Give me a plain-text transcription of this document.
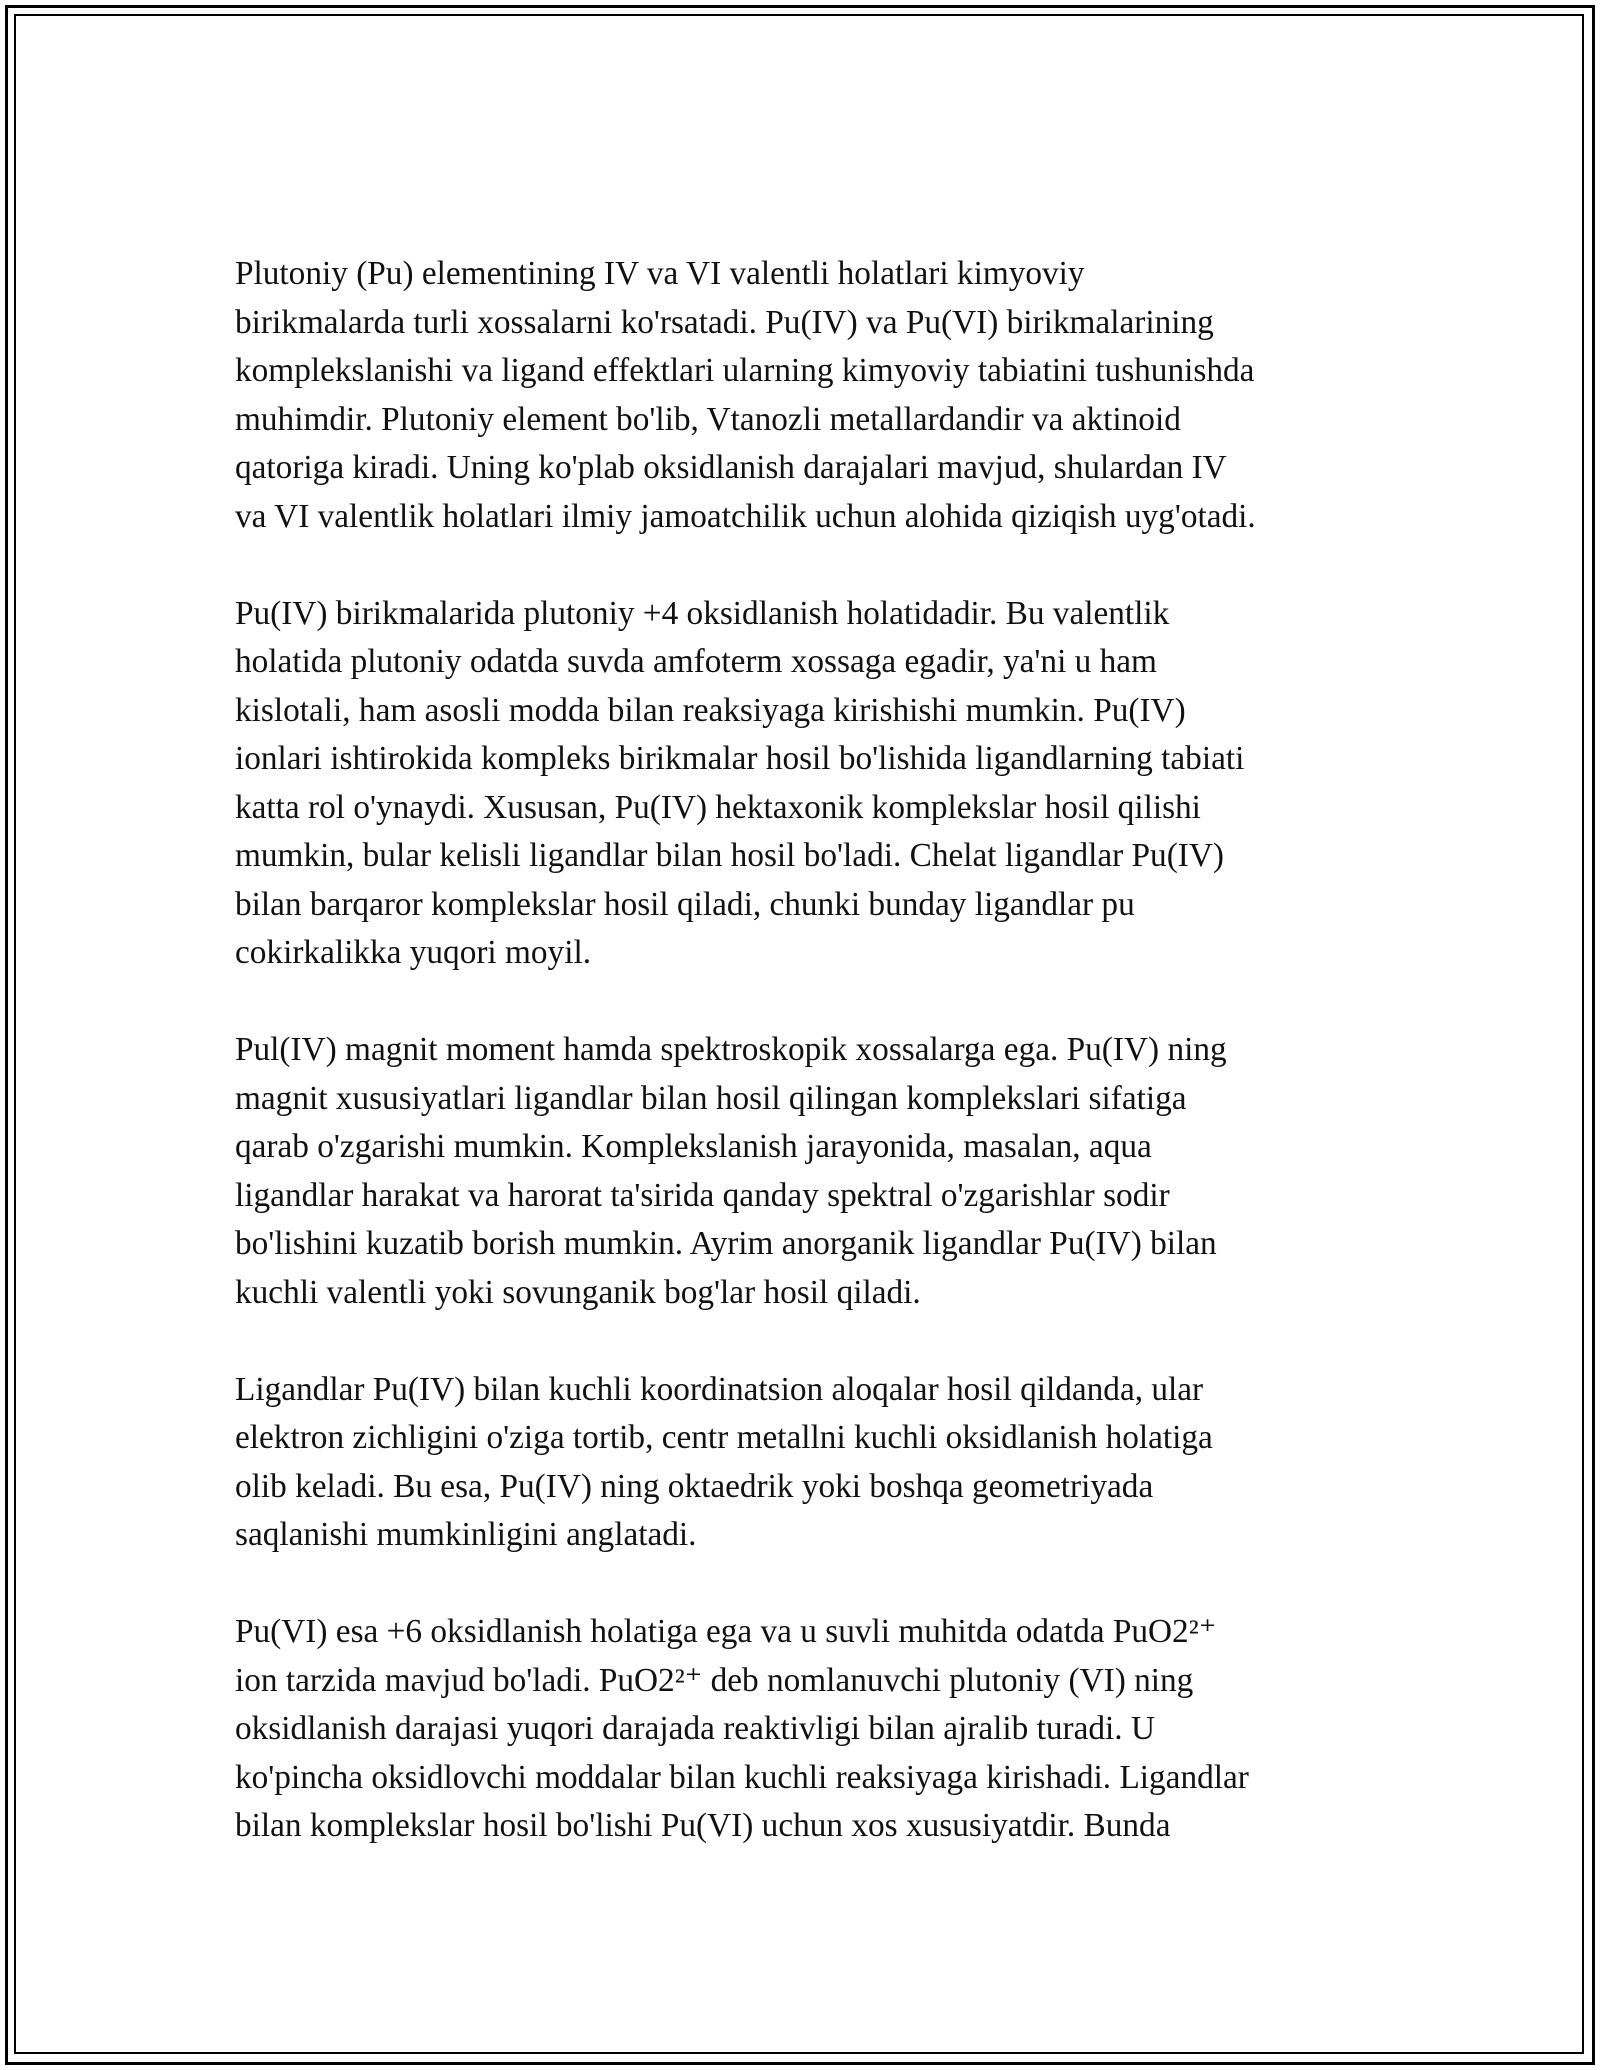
Plutoniy (Pu) elementining IV va VI valentli holatlari kimyoviy
birikmalarda turli xossalarni ko'rsatadi. Pu(IV) va Pu(VI) birikmalarining
komplekslanishi va ligand effektlari ularning kimyoviy tabiatini tushunishda
muhimdir. Plutoniy element bo'lib, Vtanozli metallardandir va aktinoid
qatoriga kiradi. Uning ko'plab oksidlanish darajalari mavjud, shulardan IV
va VI valentlik holatlari ilmiy jamoatchilik uchun alohida qiziqish uyg'otadi.

Pu(IV) birikmalarida plutoniy +4 oksidlanish holatidadir. Bu valentlik
holatida plutoniy odatda suvda amfoterm xossaga egadir, ya'ni u ham
kislotali, ham asosli modda bilan reaksiyaga kirishishi mumkin. Pu(IV)
ionlari ishtirokida kompleks birikmalar hosil bo'lishida ligandlarning tabiati
katta rol o'ynaydi. Xususan, Pu(IV) hektaxonik komplekslar hosil qilishi
mumkin, bular kelisli ligandlar bilan hosil bo'ladi. Chelat ligandlar Pu(IV)
bilan barqaror komplekslar hosil qiladi, chunki bunday ligandlar pu
cokirkalikka yuqori moyil.

Pul(IV) magnit moment hamda spektroskopik xossalarga ega. Pu(IV) ning
magnit xususiyatlari ligandlar bilan hosil qilingan komplekslari sifatiga
qarab o'zgarishi mumkin. Komplekslanish jarayonida, masalan, aqua
ligandlar harakat va harorat ta'sirida qanday spektral o'zgarishlar sodir
bo'lishini kuzatib borish mumkin. Ayrim anorganik ligandlar Pu(IV) bilan
kuchli valentli yoki sovunganik bog'lar hosil qiladi.

Ligandlar Pu(IV) bilan kuchli koordinatsion aloqalar hosil qildanda, ular
elektron zichligini o'ziga tortib, centr metallni kuchli oksidlanish holatiga
olib keladi. Bu esa, Pu(IV) ning oktaedrik yoki boshqa geometriyada
saqlanishi mumkinligini anglatadi.

Pu(VI) esa +6 oksidlanish holatiga ega va u suvli muhitda odatda PuO2²⁺
ion tarzida mavjud bo'ladi. PuO2²⁺ deb nomlanuvchi plutoniy (VI) ning
oksidlanish darajasi yuqori darajada reaktivligi bilan ajralib turadi. U
ko'pincha oksidlovchi moddalar bilan kuchli reaksiyaga kirishadi. Ligandlar
bilan komplekslar hosil bo'lishi Pu(VI) uchun xos xususiyatdir. Bunda
